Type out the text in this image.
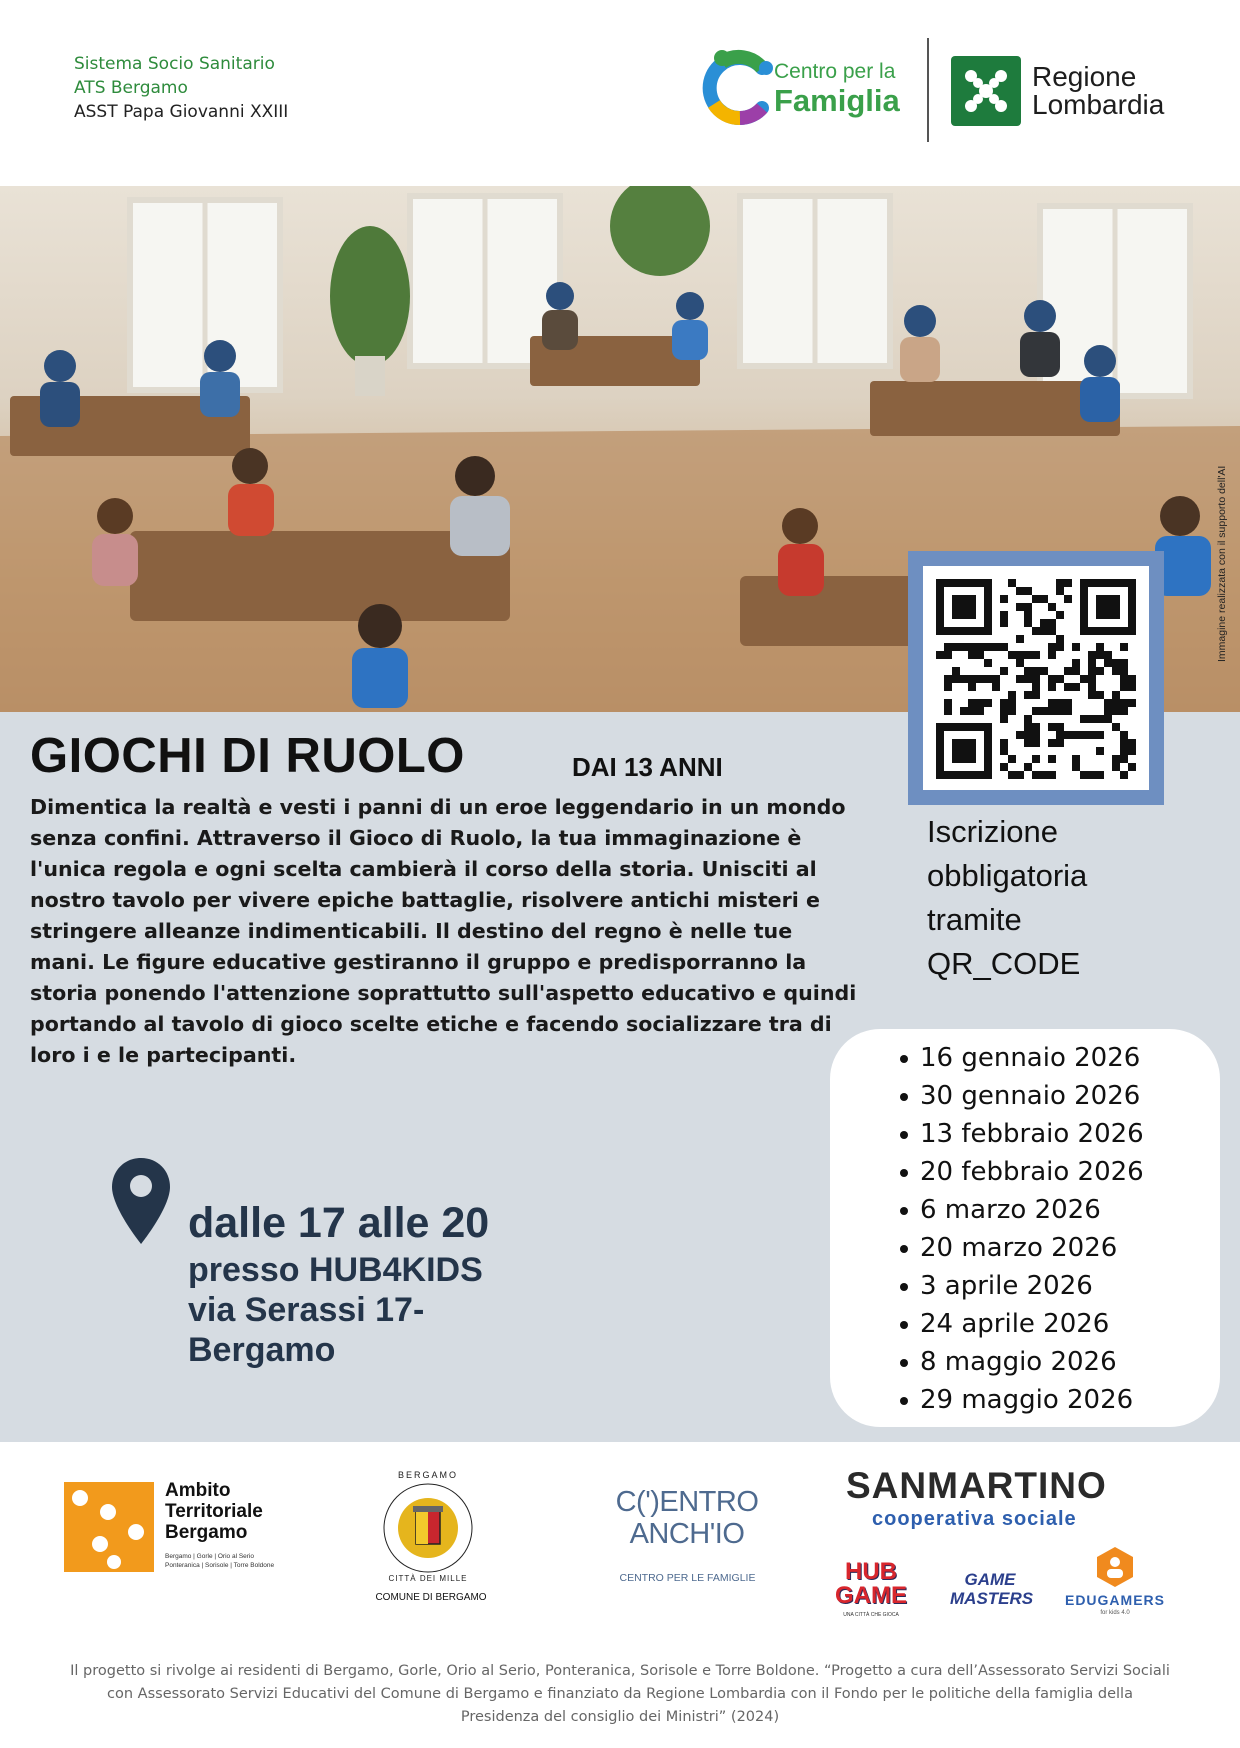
Sistema Socio Sanitario
ATS Bergamo
ASST Papa Giovanni XXIII
Centro per la
Famiglia
Regione
Lombardia
Immagine realizzata con il supporto dell'AI
GIOCHI DI RUOLO	DAI 13 ANNI
Dimentica la realtà e vesti i panni di un eroe leggendario in un mondo senza confini. Attraverso il Gioco di Ruolo, la tua immaginazione è l'unica regola e ogni scelta cambierà il corso della storia. Unisciti al nostro tavolo per vivere epiche battaglie, risolvere antichi misteri e stringere alleanze indimenticabili. Il destino del regno è nelle tue mani. Le figure educative gestiranno il gruppo e predisporranno la storia ponendo l'attenzione soprattutto sull'aspetto educativo e quindi portando al tavolo di gioco scelte etiche e facendo socializzare tra di loro i e le partecipanti.
Iscrizione
obbligatoria
tramite
QR_CODE
16 gennaio 2026
30 gennaio 2026
13 febbraio 2026
20 febbraio 2026
6 marzo 2026
20 marzo 2026
3 aprile 2026
24 aprile 2026
8 maggio 2026
29 maggio 2026
dalle 17 alle 20
presso HUB4KIDS
via Serassi 17-
Bergamo
Ambito
Territoriale
Bergamo
Bergamo | Gorle | Orio al Serio
Ponteranica | Sorisole | Torre Boldone
BERGAMO
CITTÀ DEI MILLE
COMUNE DI BERGAMO
C(')ENTRO
ANCH'IO
CENTRO PER LE FAMIGLIE
SANMARTINO
cooperativa sociale
HUB
GAME
UNA CITTÀ CHE GIOCA
GAME
MASTERS	EDUGAMERS
for kids 4.0
Il progetto si rivolge ai residenti di Bergamo, Gorle, Orio al Serio, Ponteranica, Sorisole e Torre Boldone. “Progetto a cura dell’Assessorato Servizi Sociali
con Assessorato Servizi Educativi del Comune di Bergamo e finanziato da Regione Lombardia con il Fondo per le politiche della famiglia della
Presidenza del consiglio dei Ministri” (2024)
